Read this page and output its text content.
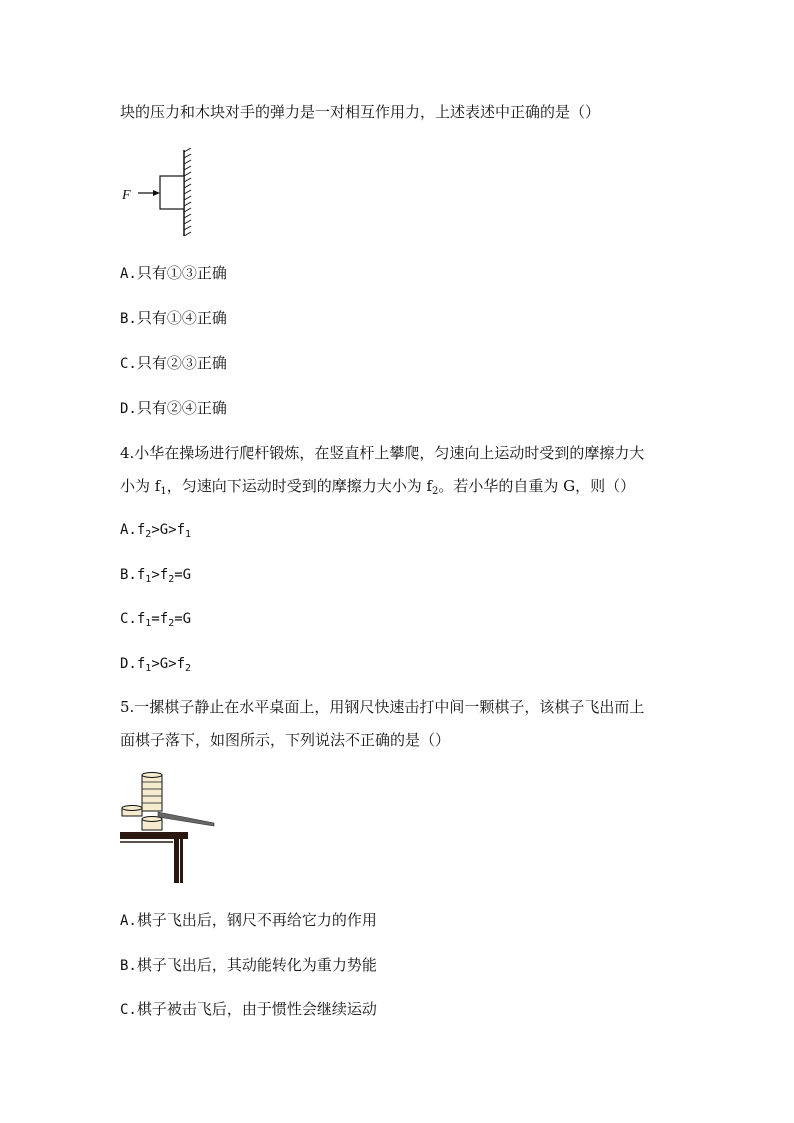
块的压力和木块对手的弹力是一对相互作用力，上述表述中正确的是（）
F
A.只有①③正确
B.只有①④正确
C.只有②③正确
D.只有②④正确
4.小华在操场进行爬杆锻炼，在竖直杆上攀爬，匀速向上运动时受到的摩擦力大
小为 $f_1$，匀速向下运动时受到的摩擦力大小为 $f_2$。若小华的自重为 G，则（）
$A.f_2>G>f_1$
$B.f_1>f_2=G$
$C.f_1=f_2=G$
$D.f_1>G>f_2$
5.一摞棋子静止在水平桌面上，用钢尺快速击打中间一颗棋子，该棋子飞出而上
面棋子落下，如图所示，下列说法不正确的是（）
A.棋子飞出后，钢尺不再给它力的作用
B.棋子飞出后，其动能转化为重力势能
C.棋子被击飞后，由于惯性会继续运动
